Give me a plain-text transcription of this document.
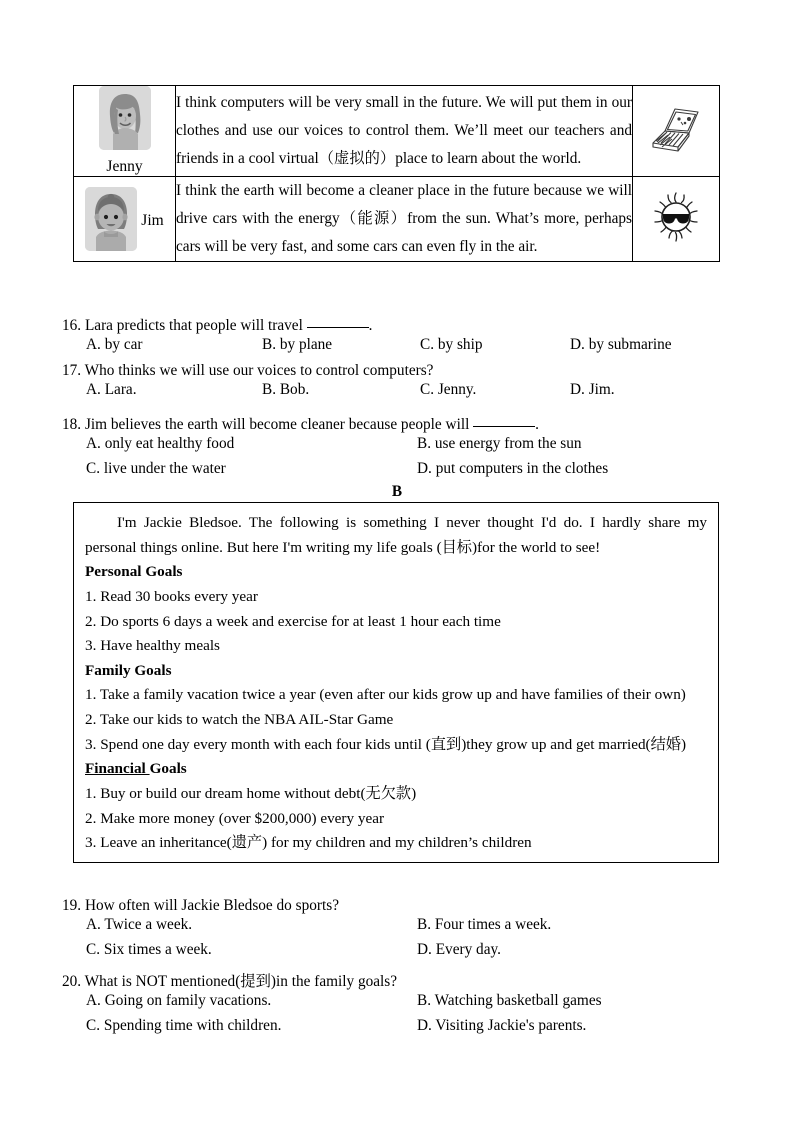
Jenny	I think computers will be very small in the future. We will put them in our clothes and use our voices to control them. We’ll meet our teachers and friends in a cool virtual（虚拟的）place to learn about the world.	

Jim	I think the earth will become a cleaner place in the future because we will drive cars with the energy（能源）from the sun. What’s more, perhaps cars will be very fast, and some cars can even fly in the air.	
16. Lara predicts that people will travel	.
A. by car	B. by plane	C. by ship	D. by submarine
17. Who thinks we will use our voices to control computers?
A. Lara.	B. Bob.	C. Jenny.	D. Jim.
18. Jim believes the earth will become cleaner because people will	.
A. only eat healthy food	B. use energy from the sun
C. live under the water	D. put computers in the clothes
B

I'm Jackie Bledsoe. The following is something I never thought I'd do. I hardly share my personal things online. But here I'm writing my life goals (目标)for the world to see!

Personal Goals

1. Read 30 books every year

2. Do sports 6 days a week and exercise for at least 1 hour each time

3. Have healthy meals

Family Goals

1. Take a family vacation twice a year (even after our kids grow up and have families of their own)

2. Take our kids to watch the NBA AIL-Star Game

3. Spend one day every month with each four kids until (直到)they grow up and get married(结婚)

Financial Goals

1. Buy or build our dream home without debt(无欠款)

2. Make more money (over $200,000) every year

3. Leave an inheritance(遗产) for my children and my children’s children

19. How often will Jackie Bledsoe do sports?
A. Twice a week.	B. Four times a week.
C. Six times a week.	D. Every day.
20. What is NOT mentioned(提到)in the family goals?
A. Going on family vacations.	B. Watching basketball games
C. Spending time with children.	D. Visiting Jackie's parents.
